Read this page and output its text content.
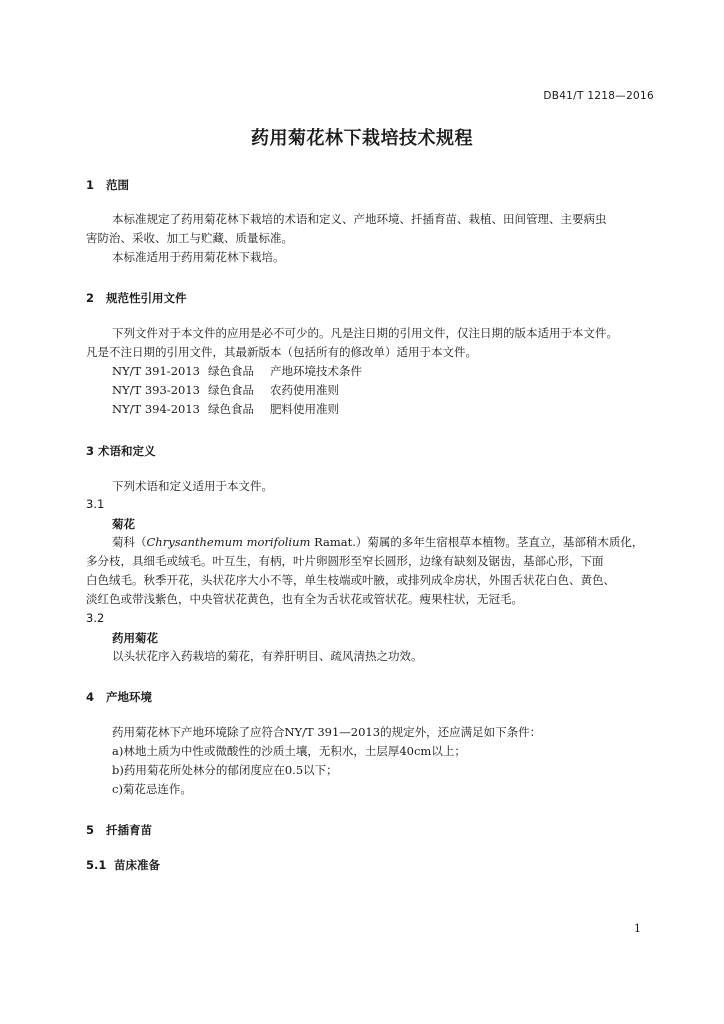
DB41/T 1218—2016
药用菊花林下栽培技术规程
1 范围
本标准规定了药用菊花林下栽培的术语和定义、产地环境、扦插育苗、栽植、田间管理、主要病虫
害防治、采收、加工与贮藏、质量标准。
本标准适用于药用菊花林下栽培。
2 规范性引用文件
下列文件对于本文件的应用是必不可少的。凡是注日期的引用文件，仅注日期的版本适用于本文件。
凡是不注日期的引用文件，其最新版本（包括所有的修改单）适用于本文件。
NY/T 391-2013 绿色食品 产地环境技术条件
NY/T 393-2013 绿色食品 农药使用准则
NY/T 394-2013 绿色食品 肥料使用准则
3 术语和定义
下列术语和定义适用于本文件。
3.1
菊花
菊科（Chrysanthemum morifolium Ramat.）菊属的多年生宿根草本植物。茎直立，基部稍木质化，
多分枝，具细毛或绒毛。叶互生，有柄，叶片卵圆形至窄长圆形，边缘有缺刻及锯齿，基部心形，下面
白色绒毛。秋季开花，头状花序大小不等，单生枝端或叶腋，或排列成伞房状，外围舌状花白色、黄色、
淡红色或带浅紫色，中央管状花黄色，也有全为舌状花或管状花。瘦果柱状，无冠毛。
3.2
药用菊花
以头状花序入药栽培的菊花，有养肝明目、疏风清热之功效。
4 产地环境
药用菊花林下产地环境除了应符合NY/T 391—2013的规定外，还应满足如下条件：
a)林地土质为中性或微酸性的沙质土壤，无积水，土层厚40cm以上；
b)药用菊花所处林分的郁闭度应在0.5以下；
c)菊花忌连作。
5 扦插育苗
5.1 苗床准备
1
